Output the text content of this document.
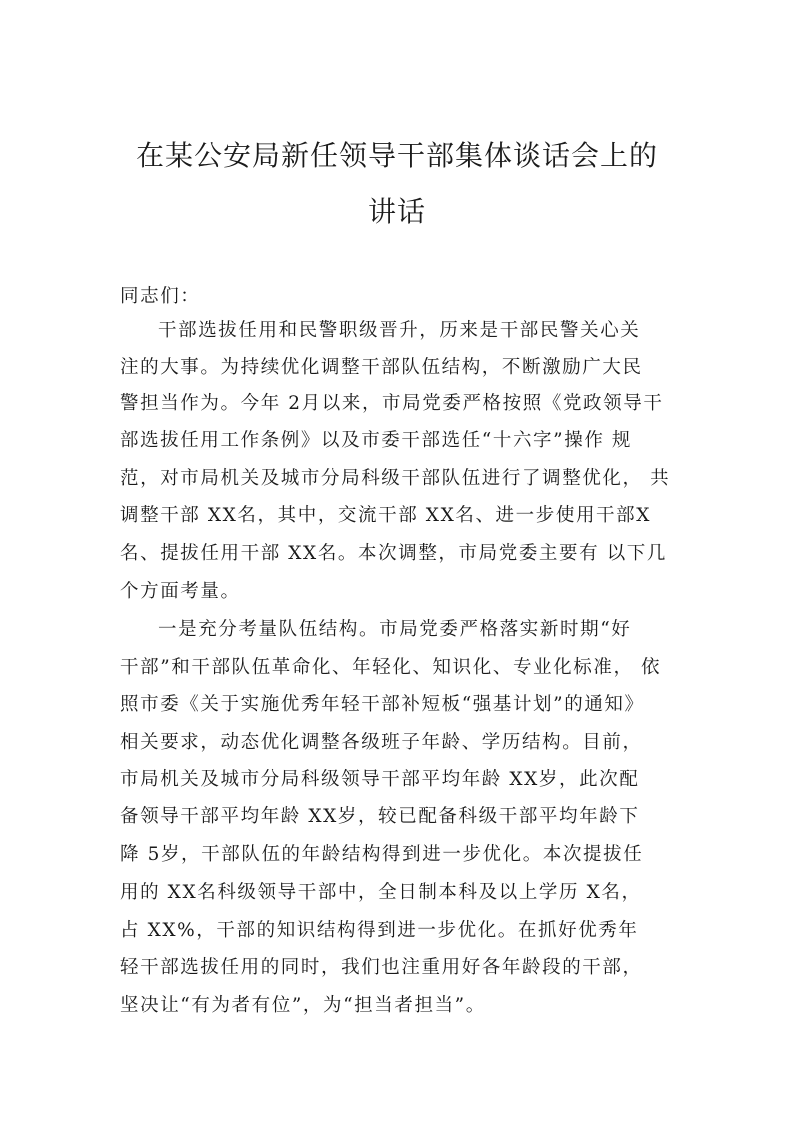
在某公安局新任领导干部集体谈话会上的
讲话
同志们：
干部选拔任用和民警职级晋升，历来是干部民警关心关
注的大事。为持续优化调整干部队伍结构，不断激励广大民
警担当作为。今年 2月以来，市局党委严格按照《党政领导干
部选拔任用工作条例》以及市委干部选任“十六字”操作 规
范，对市局机关及城市分局科级干部队伍进行了调整优化， 共
调整干部 XX名，其中，交流干部 XX名、进一步使用干部X
名、提拔任用干部 XX名。本次调整，市局党委主要有 以下几
个方面考量。
一是充分考量队伍结构。市局党委严格落实新时期“好
干部”和干部队伍革命化、年轻化、知识化、专业化标准， 依
照市委《关于实施优秀年轻干部补短板“强基计划”的通知》
相关要求，动态优化调整各级班子年龄、学历结构。目前，
市局机关及城市分局科级领导干部平均年龄 XX岁，此次配
备领导干部平均年龄 XX岁，较已配备科级干部平均年龄下
降 5岁，干部队伍的年龄结构得到进一步优化。本次提拔任
用的 XX名科级领导干部中，全日制本科及以上学历 X名，
占 XX%，干部的知识结构得到进一步优化。在抓好优秀年
轻干部选拔任用的同时，我们也注重用好各年龄段的干部，
坚决让“有为者有位”，为“担当者担当”。
